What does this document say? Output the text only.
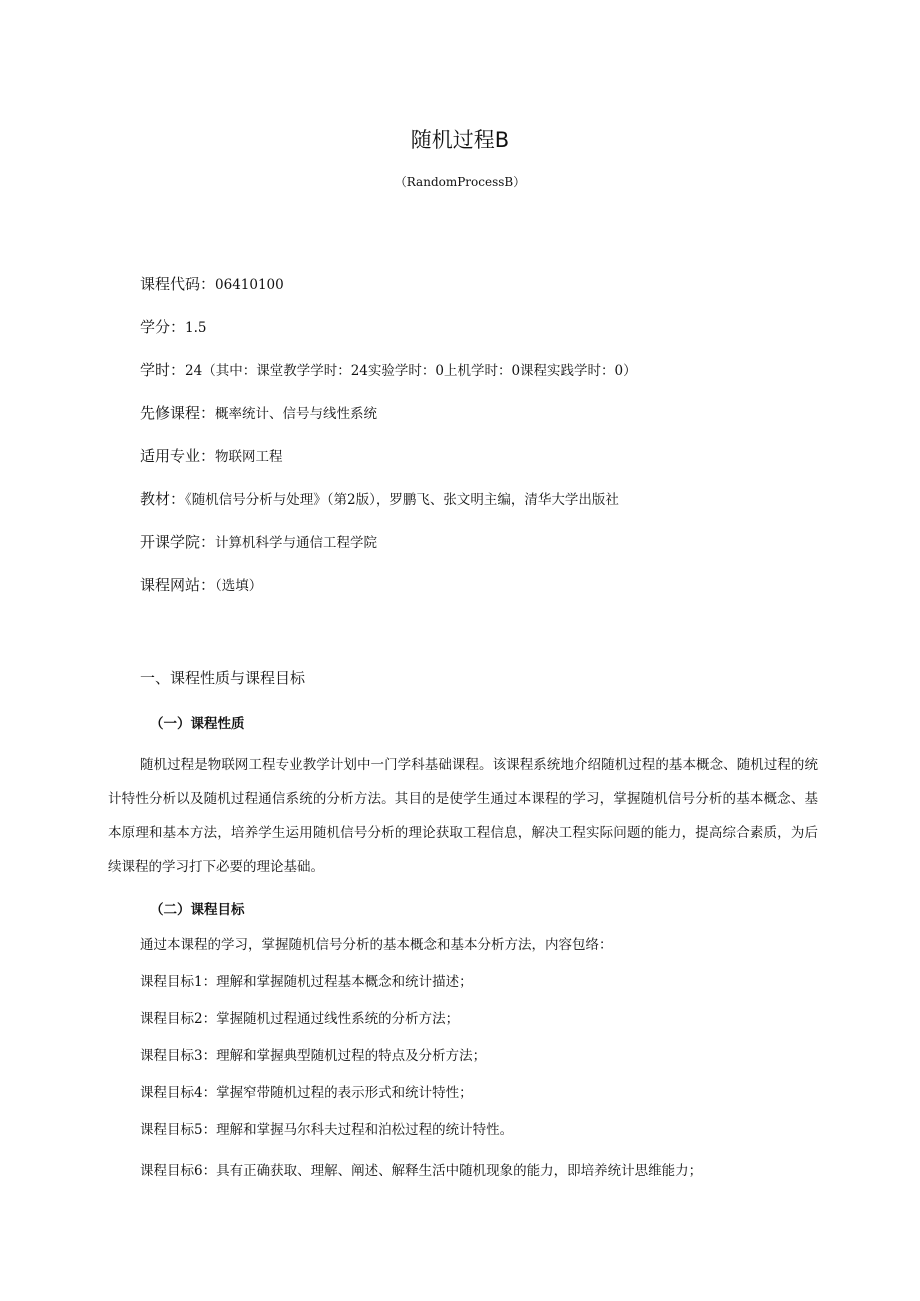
随机过程B
（RandomProcessB）
课程代码：06410100
学分：1.5
学时：24（其中：课堂教学学时：24实验学时：0上机学时：0课程实践学时：0）
先修课程：概率统计、信号与线性系统
适用专业：物联网工程
教材：《随机信号分析与处理》（第2版），罗鹏飞、张文明主编，清华大学出版社
开课学院：计算机科学与通信工程学院
课程网站：（选填）
一、课程性质与课程目标
（一）课程性质
随机过程是物联网工程专业教学计划中一门学科基础课程。该课程系统地介绍随机过程的基本概念、随机过程的统计特性分析以及随机过程通信系统的分析方法。其目的是使学生通过本课程的学习，掌握随机信号分析的基本概念、基本原理和基本方法，培养学生运用随机信号分析的理论获取工程信息，解决工程实际问题的能力，提高综合素质，为后续课程的学习打下必要的理论基础。
（二）课程目标
通过本课程的学习，掌握随机信号分析的基本概念和基本分析方法，内容包络：
课程目标1：理解和掌握随机过程基本概念和统计描述；
课程目标2：掌握随机过程通过线性系统的分析方法；
课程目标3：理解和掌握典型随机过程的特点及分析方法；
课程目标4：掌握窄带随机过程的表示形式和统计特性；
课程目标5：理解和掌握马尔科夫过程和泊松过程的统计特性。
课程目标6：具有正确获取、理解、阐述、解释生活中随机现象的能力，即培养统计思维能力；
